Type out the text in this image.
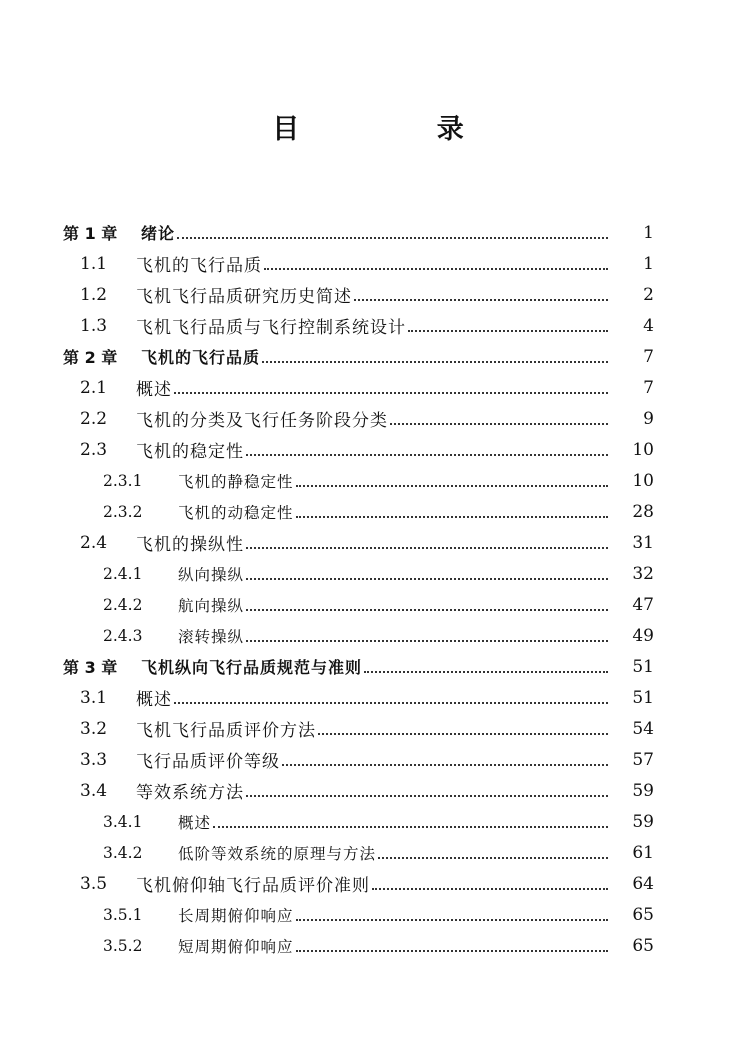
目 录
第 1 章	绪论	1
1.1	飞机的飞行品质	1
1.2	飞机飞行品质研究历史简述	2
1.3	飞机飞行品质与飞行控制系统设计	4
第 2 章	飞机的飞行品质	7
2.1	概述	7
2.2	飞机的分类及飞行任务阶段分类	9
2.3	飞机的稳定性	10
2.3.1	飞机的静稳定性	10
2.3.2	飞机的动稳定性	28
2.4	飞机的操纵性	31
2.4.1	纵向操纵	32
2.4.2	航向操纵	47
2.4.3	滚转操纵	49
第 3 章	飞机纵向飞行品质规范与准则	51
3.1	概述	51
3.2	飞机飞行品质评价方法	54
3.3	飞行品质评价等级	57
3.4	等效系统方法	59
3.4.1	概述	59
3.4.2	低阶等效系统的原理与方法	61
3.5	飞机俯仰轴飞行品质评价准则	64
3.5.1	长周期俯仰响应	65
3.5.2	短周期俯仰响应	65
